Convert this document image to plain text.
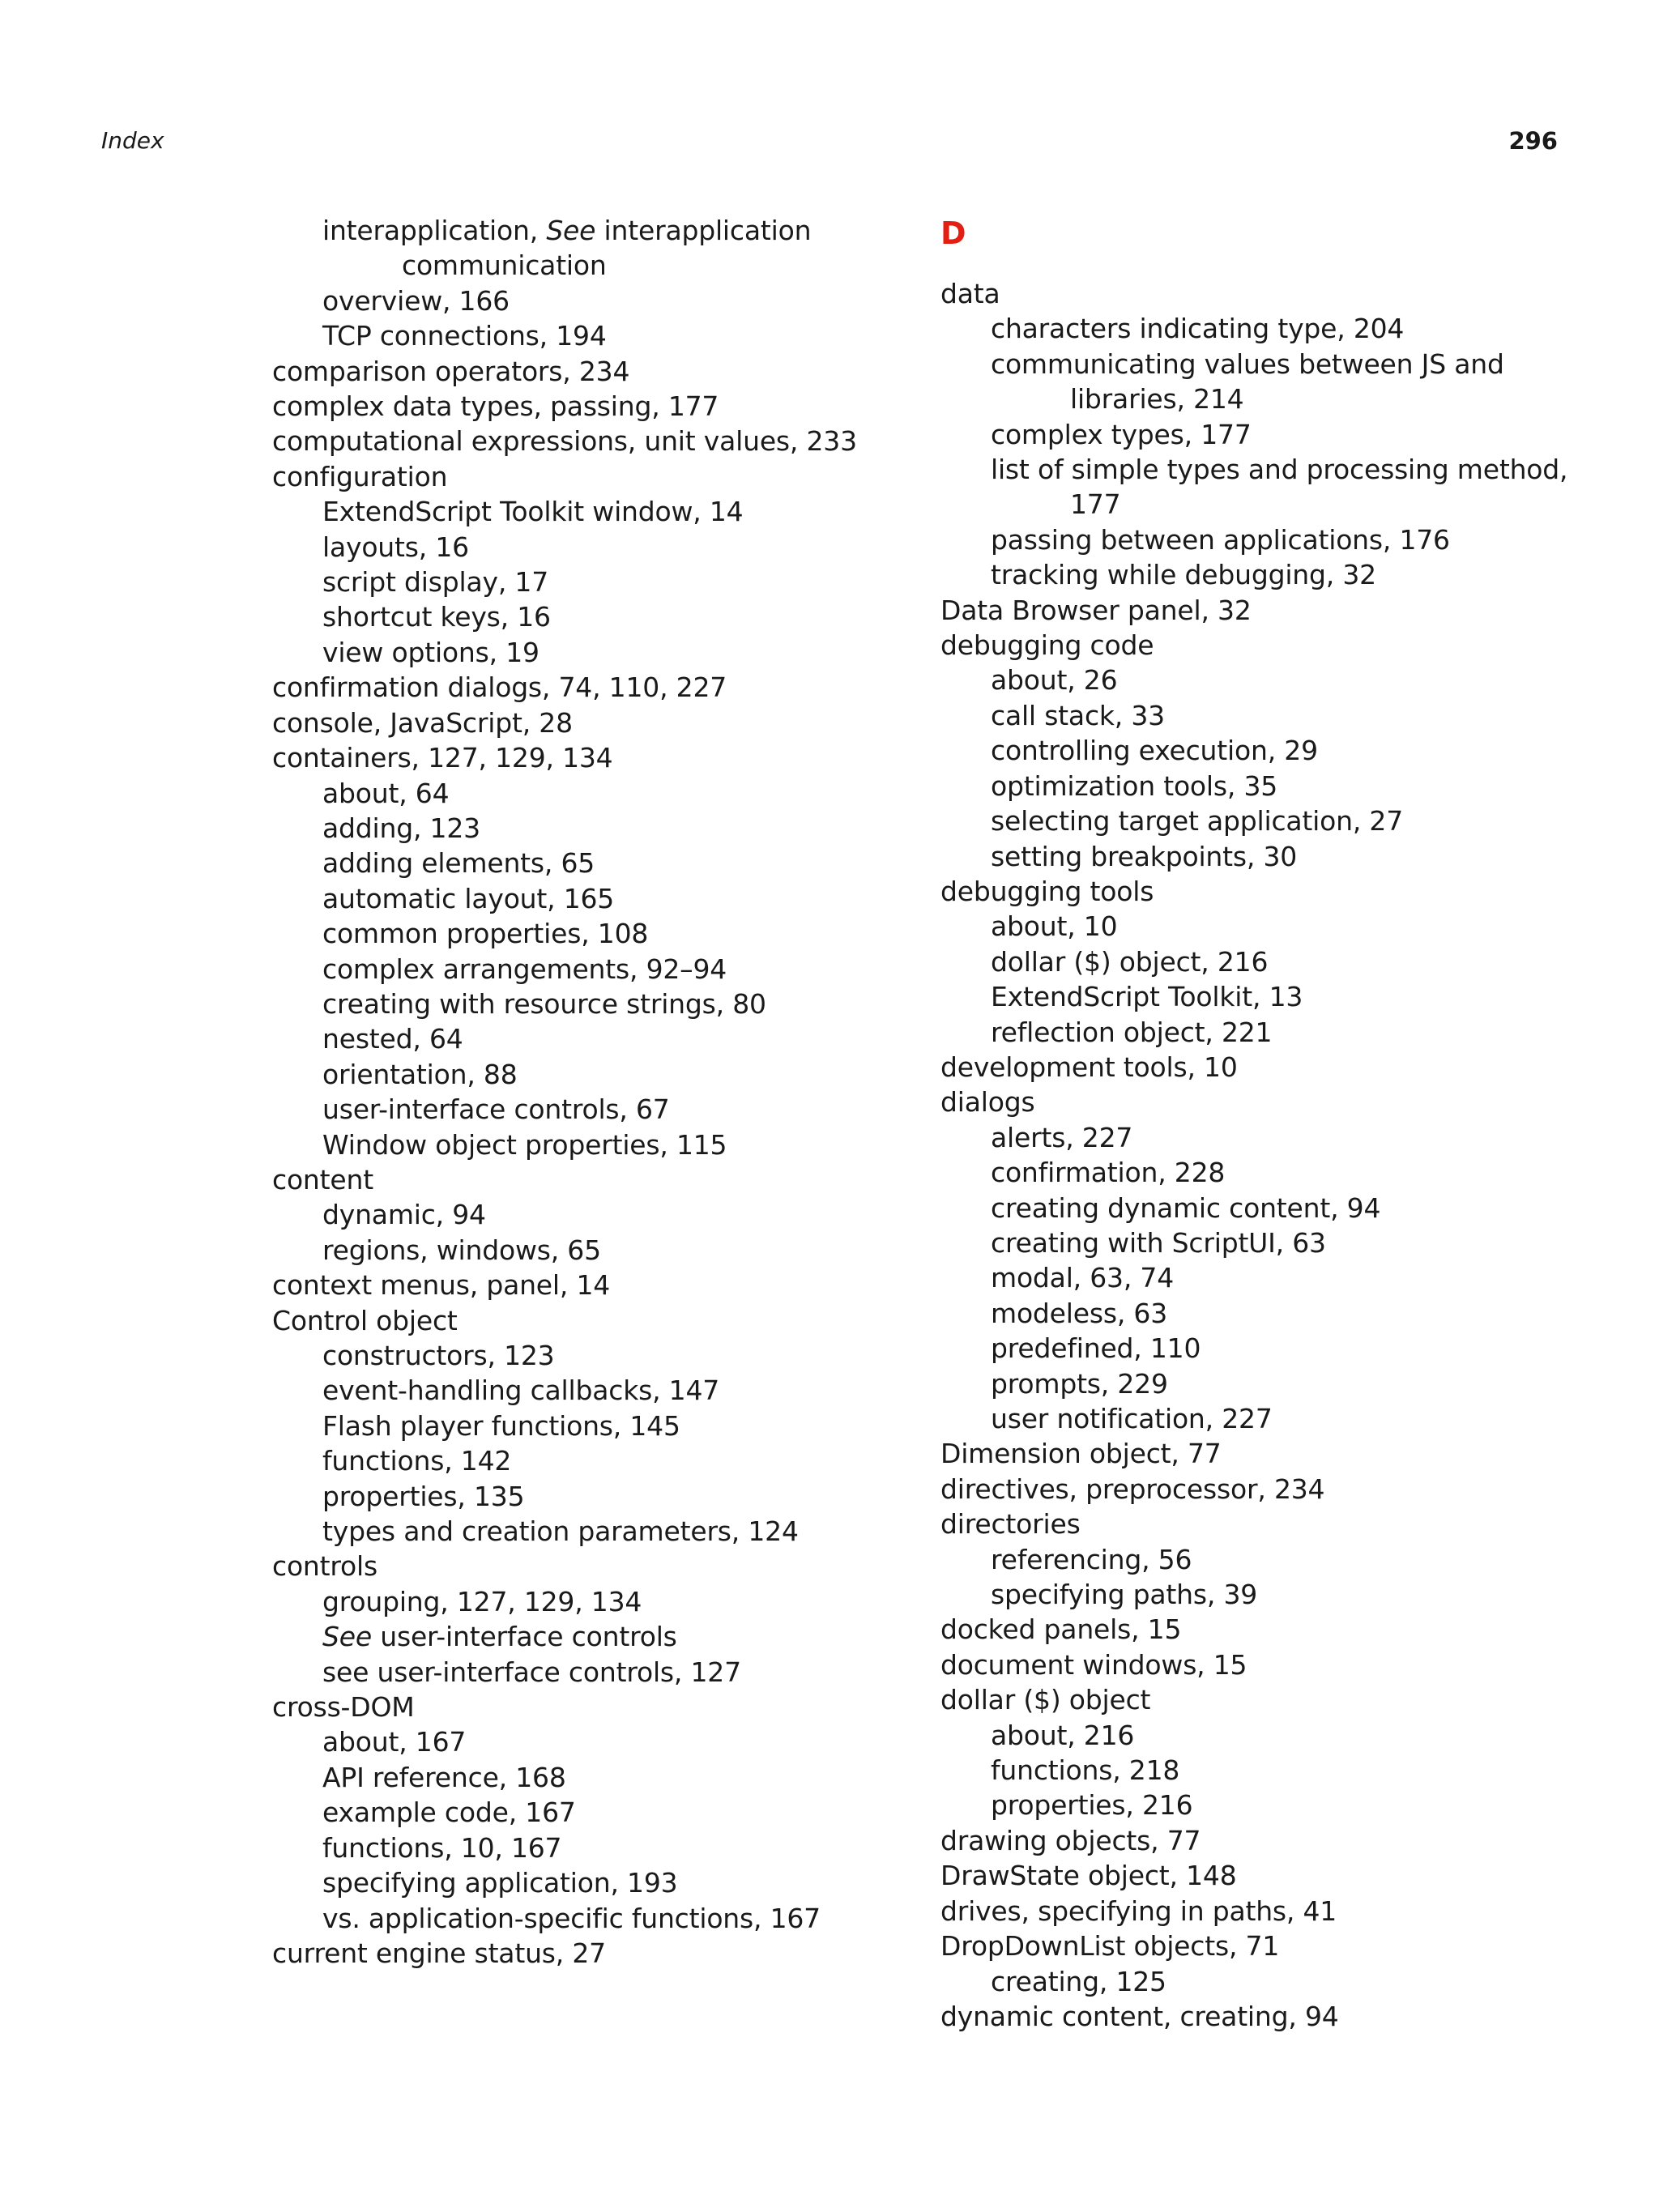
Index	296
interapplication, See interapplication
communication
overview, 166
TCP connections, 194
comparison operators, 234
complex data types, passing, 177
computational expressions, unit values, 233
configuration
ExtendScript Toolkit window, 14
layouts, 16
script display, 17
shortcut keys, 16
view options, 19
confirmation dialogs, 74, 110, 227
console, JavaScript, 28
containers, 127, 129, 134
about, 64
adding, 123
adding elements, 65
automatic layout, 165
common properties, 108
complex arrangements, 92–94
creating with resource strings, 80
nested, 64
orientation, 88
user-interface controls, 67
Window object properties, 115
content
dynamic, 94
regions, windows, 65
context menus, panel, 14
Control object
constructors, 123
event-handling callbacks, 147
Flash player functions, 145
functions, 142
properties, 135
types and creation parameters, 124
controls
grouping, 127, 129, 134
See user-interface controls
see user-interface controls, 127
cross-DOM
about, 167
API reference, 168
example code, 167
functions, 10, 167
specifying application, 193
vs. application-specific functions, 167
current engine status, 27
D
data
characters indicating type, 204
communicating values between JS and
libraries, 214
complex types, 177
list of simple types and processing method,
177
passing between applications, 176
tracking while debugging, 32
Data Browser panel, 32
debugging code
about, 26
call stack, 33
controlling execution, 29
optimization tools, 35
selecting target application, 27
setting breakpoints, 30
debugging tools
about, 10
dollar ($) object, 216
ExtendScript Toolkit, 13
reflection object, 221
development tools, 10
dialogs
alerts, 227
confirmation, 228
creating dynamic content, 94
creating with ScriptUI, 63
modal, 63, 74
modeless, 63
predefined, 110
prompts, 229
user notification, 227
Dimension object, 77
directives, preprocessor, 234
directories
referencing, 56
specifying paths, 39
docked panels, 15
document windows, 15
dollar ($) object
about, 216
functions, 218
properties, 216
drawing objects, 77
DrawState object, 148
drives, specifying in paths, 41
DropDownList objects, 71
creating, 125
dynamic content, creating, 94
